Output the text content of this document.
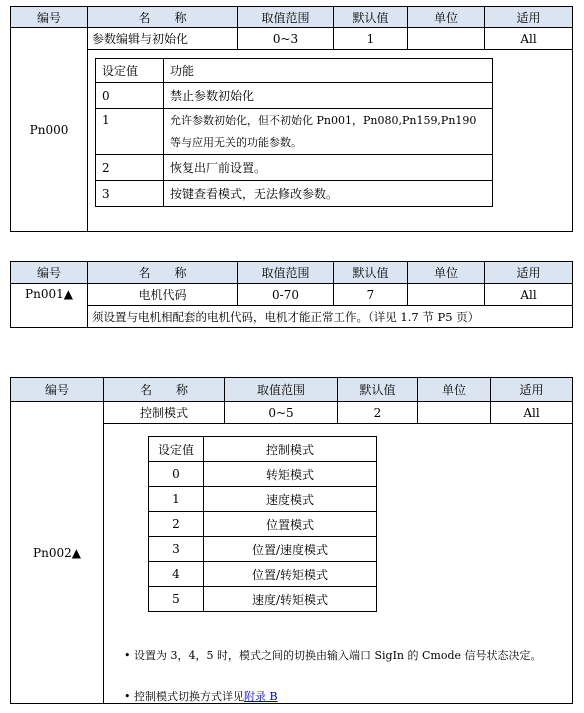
编号	名　　称	取值范围	默认值	单位	适用
Pn000	参数编辑与初始化	0~3	1		All

设定值	功能
0	禁止参数初始化
1	允许参数初始化，但不初始化 Pn001，Pn080,Pn159,Pn190
等与应用无关的功能参数。

2	恢复出厂前设置。
3	按键查看模式，无法修改参数。
编号	名　　称	取值范围	默认值	单位	适用
Pn001▲	电机代码	0-70	7		All
	须设置与电机相配套的电机代码，电机才能正常工作。（详见 1.7 节 P5 页）				
编号	名　　称	取值范围	默认值	单位	适用
Pn002▲	控制模式	0~5	2		All

设定值	控制模式
0	转矩模式
1	速度模式
2	位置模式
3	位置/速度模式
4	位置/转矩模式
5	速度/转矩模式
• 设置为 3，4，5 时，模式之间的切换由输入端口 SigIn 的 Cmode 信号状态决定。
• 控制模式切换方式详见附录 B
